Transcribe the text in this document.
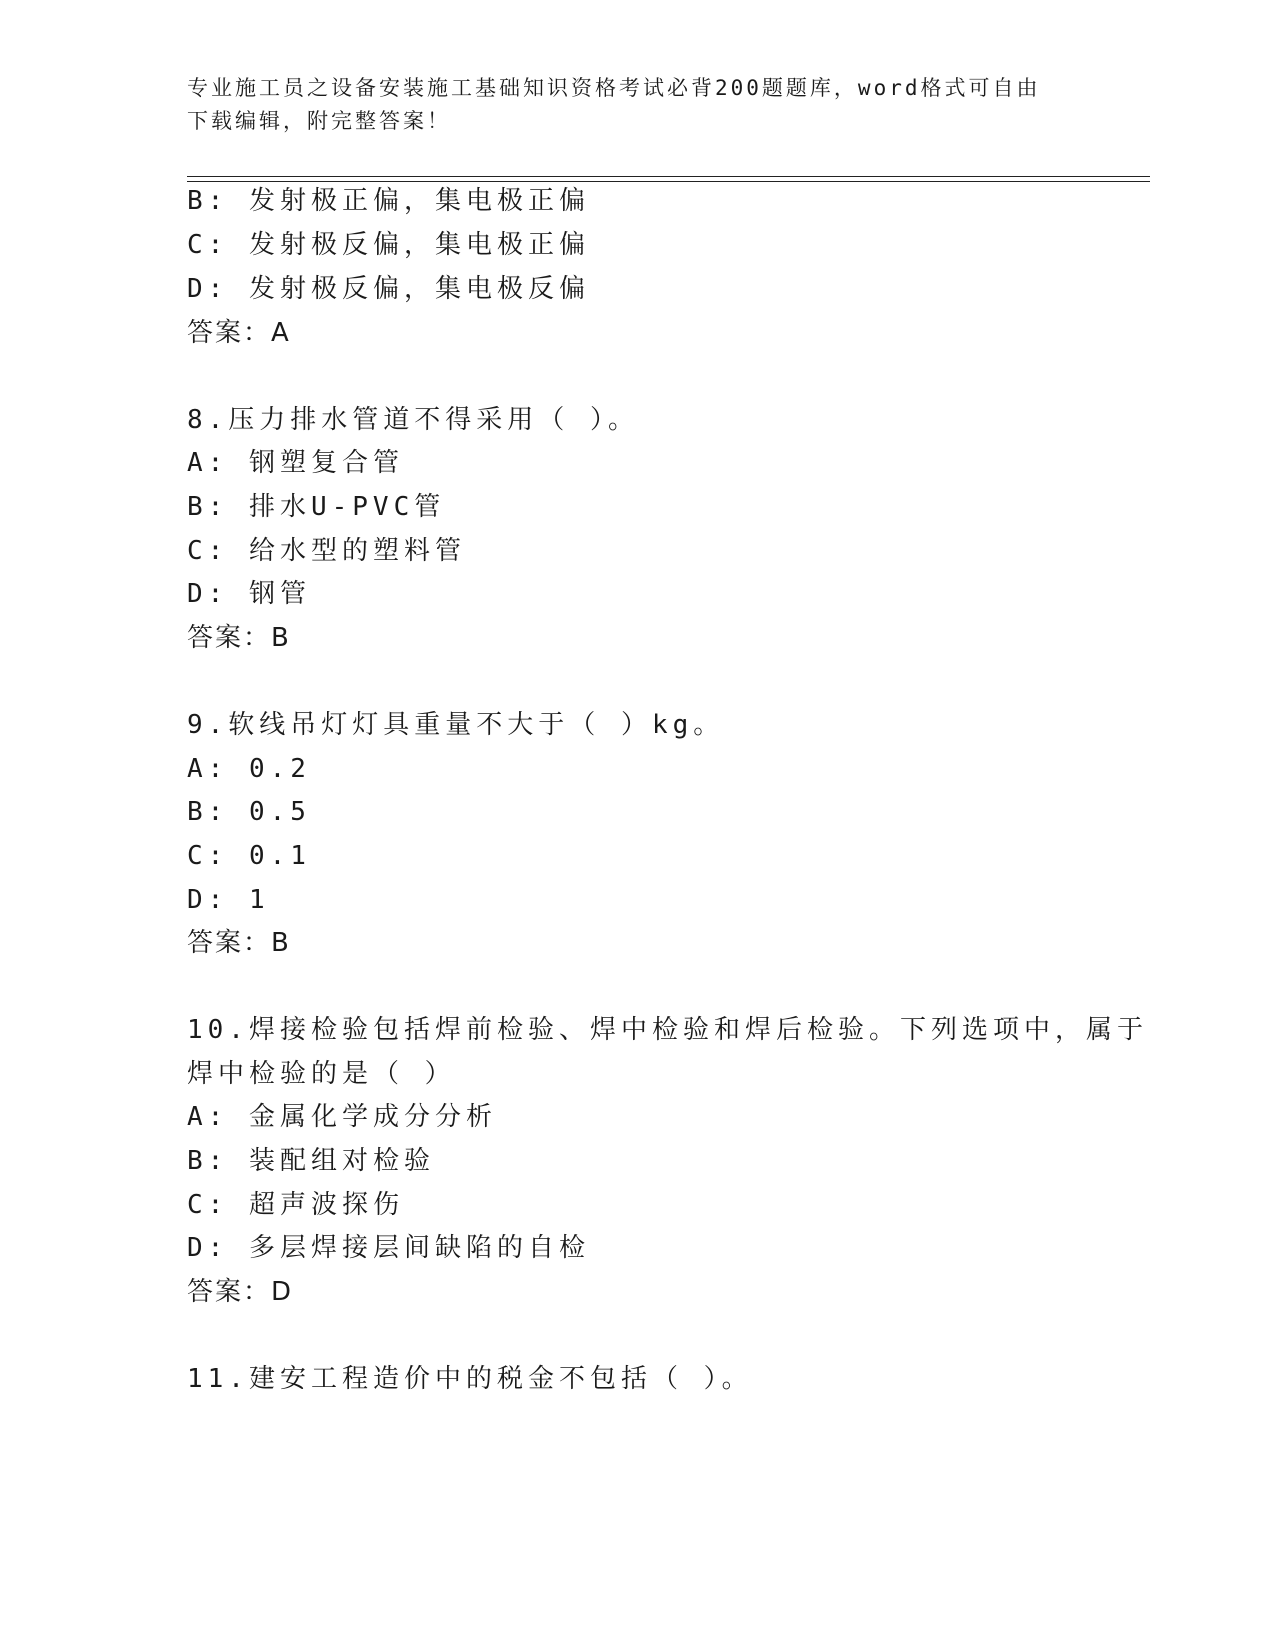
专业施工员之设备安装施工基础知识资格考试必背200题题库，word格式可自由
下载编辑，附完整答案！
B: 发射极正偏，集电极正偏
C: 发射极反偏，集电极正偏
D: 发射极反偏，集电极反偏
答案：A
8.压力排水管道不得采用（ ）。
A: 钢塑复合管
B: 排水U-PVC管
C: 给水型的塑料管
D: 钢管
答案：B
9.软线吊灯灯具重量不大于（ ）kg。
A: 0.2
B: 0.5
C: 0.1
D: 1
答案：B
10.焊接检验包括焊前检验、焊中检验和焊后检验。下列选项中，属于
焊中检验的是（ ）
A: 金属化学成分分析
B: 装配组对检验
C: 超声波探伤
D: 多层焊接层间缺陷的自检
答案：D
11.建安工程造价中的税金不包括（ ）。
